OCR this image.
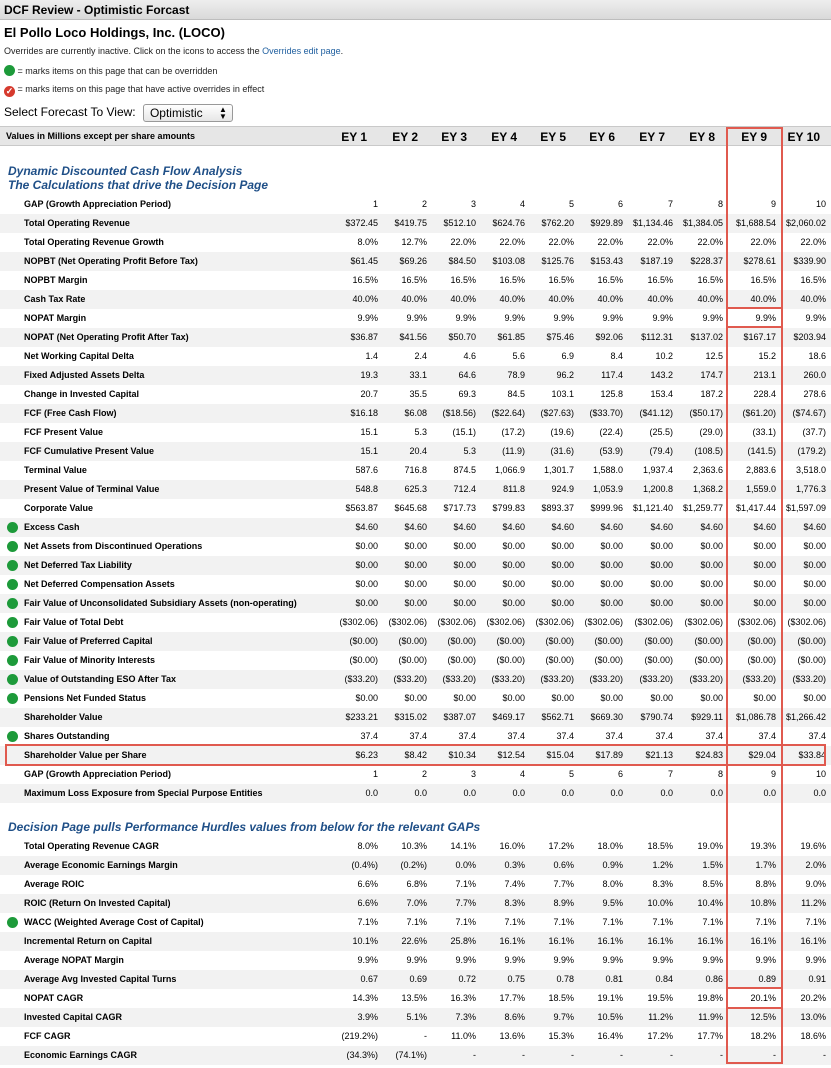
DCF Review - Optimistic Forcast
El Pollo Loco Holdings, Inc. (LOCO)
Overrides are currently inactive. Click on the icons to access the Overrides edit page.
= marks items on this page that can be overridden
✓ = marks items on this page that have active overrides in effect
Select Forecast To View: Optimistic ▲
▼
Values in Millions except per share amounts	EY 1	EY 2	EY 3	EY 4	EY 5	EY 6	EY 7	EY 8	EY 9	EY 10
Dynamic Discounted Cash Flow Analysis
The Calculations that drive the Decision Page
GAP (Growth Appreciation Period)	1	2	3	4	5	6	7	8	9	10
Total Operating Revenue	$372.45	$419.75	$512.10	$624.76	$762.20	$929.89	$1,134.46	$1,384.05	$1,688.54	$2,060.02
Total Operating Revenue Growth	8.0%	12.7%	22.0%	22.0%	22.0%	22.0%	22.0%	22.0%	22.0%	22.0%
NOPBT (Net Operating Profit Before Tax)	$61.45	$69.26	$84.50	$103.08	$125.76	$153.43	$187.19	$228.37	$278.61	$339.90
NOPBT Margin	16.5%	16.5%	16.5%	16.5%	16.5%	16.5%	16.5%	16.5%	16.5%	16.5%
Cash Tax Rate	40.0%	40.0%	40.0%	40.0%	40.0%	40.0%	40.0%	40.0%	40.0%	40.0%
NOPAT Margin	9.9%	9.9%	9.9%	9.9%	9.9%	9.9%	9.9%	9.9%	9.9%	9.9%
NOPAT (Net Operating Profit After Tax)	$36.87	$41.56	$50.70	$61.85	$75.46	$92.06	$112.31	$137.02	$167.17	$203.94
Net Working Capital Delta	1.4	2.4	4.6	5.6	6.9	8.4	10.2	12.5	15.2	18.6
Fixed Adjusted Assets Delta	19.3	33.1	64.6	78.9	96.2	117.4	143.2	174.7	213.1	260.0
Change in Invested Capital	20.7	35.5	69.3	84.5	103.1	125.8	153.4	187.2	228.4	278.6
FCF (Free Cash Flow)	$16.18	$6.08	($18.56)	($22.64)	($27.63)	($33.70)	($41.12)	($50.17)	($61.20)	($74.67)
FCF Present Value	15.1	5.3	(15.1)	(17.2)	(19.6)	(22.4)	(25.5)	(29.0)	(33.1)	(37.7)
FCF Cumulative Present Value	15.1	20.4	5.3	(11.9)	(31.6)	(53.9)	(79.4)	(108.5)	(141.5)	(179.2)
Terminal Value	587.6	716.8	874.5	1,066.9	1,301.7	1,588.0	1,937.4	2,363.6	2,883.6	3,518.0
Present Value of Terminal Value	548.8	625.3	712.4	811.8	924.9	1,053.9	1,200.8	1,368.2	1,559.0	1,776.3
Corporate Value	$563.87	$645.68	$717.73	$799.83	$893.37	$999.96	$1,121.40	$1,259.77	$1,417.44	$1,597.09
Excess Cash	$4.60	$4.60	$4.60	$4.60	$4.60	$4.60	$4.60	$4.60	$4.60	$4.60
Net Assets from Discontinued Operations	$0.00	$0.00	$0.00	$0.00	$0.00	$0.00	$0.00	$0.00	$0.00	$0.00
Net Deferred Tax Liability	$0.00	$0.00	$0.00	$0.00	$0.00	$0.00	$0.00	$0.00	$0.00	$0.00
Net Deferred Compensation Assets	$0.00	$0.00	$0.00	$0.00	$0.00	$0.00	$0.00	$0.00	$0.00	$0.00
Fair Value of Unconsolidated Subsidiary Assets (non-operating)	$0.00	$0.00	$0.00	$0.00	$0.00	$0.00	$0.00	$0.00	$0.00	$0.00
Fair Value of Total Debt	($302.06)	($302.06)	($302.06)	($302.06)	($302.06)	($302.06)	($302.06)	($302.06)	($302.06)	($302.06)
Fair Value of Preferred Capital	($0.00)	($0.00)	($0.00)	($0.00)	($0.00)	($0.00)	($0.00)	($0.00)	($0.00)	($0.00)
Fair Value of Minority Interests	($0.00)	($0.00)	($0.00)	($0.00)	($0.00)	($0.00)	($0.00)	($0.00)	($0.00)	($0.00)
Value of Outstanding ESO After Tax	($33.20)	($33.20)	($33.20)	($33.20)	($33.20)	($33.20)	($33.20)	($33.20)	($33.20)	($33.20)
Pensions Net Funded Status	$0.00	$0.00	$0.00	$0.00	$0.00	$0.00	$0.00	$0.00	$0.00	$0.00
Shareholder Value	$233.21	$315.02	$387.07	$469.17	$562.71	$669.30	$790.74	$929.11	$1,086.78	$1,266.42
Shares Outstanding	37.4	37.4	37.4	37.4	37.4	37.4	37.4	37.4	37.4	37.4
Shareholder Value per Share	$6.23	$8.42	$10.34	$12.54	$15.04	$17.89	$21.13	$24.83	$29.04	$33.84
GAP (Growth Appreciation Period)	1	2	3	4	5	6	7	8	9	10
Maximum Loss Exposure from Special Purpose Entities	0.0	0.0	0.0	0.0	0.0	0.0	0.0	0.0	0.0	0.0
Decision Page pulls Performance Hurdles values from below for the relevant GAPs
Total Operating Revenue CAGR	8.0%	10.3%	14.1%	16.0%	17.2%	18.0%	18.5%	19.0%	19.3%	19.6%
Average Economic Earnings Margin	(0.4%)	(0.2%)	0.0%	0.3%	0.6%	0.9%	1.2%	1.5%	1.7%	2.0%
Average ROIC	6.6%	6.8%	7.1%	7.4%	7.7%	8.0%	8.3%	8.5%	8.8%	9.0%
ROIC (Return On Invested Capital)	6.6%	7.0%	7.7%	8.3%	8.9%	9.5%	10.0%	10.4%	10.8%	11.2%
WACC (Weighted Average Cost of Capital)	7.1%	7.1%	7.1%	7.1%	7.1%	7.1%	7.1%	7.1%	7.1%	7.1%
Incremental Return on Capital	10.1%	22.6%	25.8%	16.1%	16.1%	16.1%	16.1%	16.1%	16.1%	16.1%
Average NOPAT Margin	9.9%	9.9%	9.9%	9.9%	9.9%	9.9%	9.9%	9.9%	9.9%	9.9%
Average Avg Invested Capital Turns	0.67	0.69	0.72	0.75	0.78	0.81	0.84	0.86	0.89	0.91
NOPAT CAGR	14.3%	13.5%	16.3%	17.7%	18.5%	19.1%	19.5%	19.8%	20.1%	20.2%
Invested Capital CAGR	3.9%	5.1%	7.3%	8.6%	9.7%	10.5%	11.2%	11.9%	12.5%	13.0%
FCF CAGR	(219.2%)	-	11.0%	13.6%	15.3%	16.4%	17.2%	17.7%	18.2%	18.6%
Economic Earnings CAGR	(34.3%)	(74.1%)	-	-	-	-	-	-	-	-
